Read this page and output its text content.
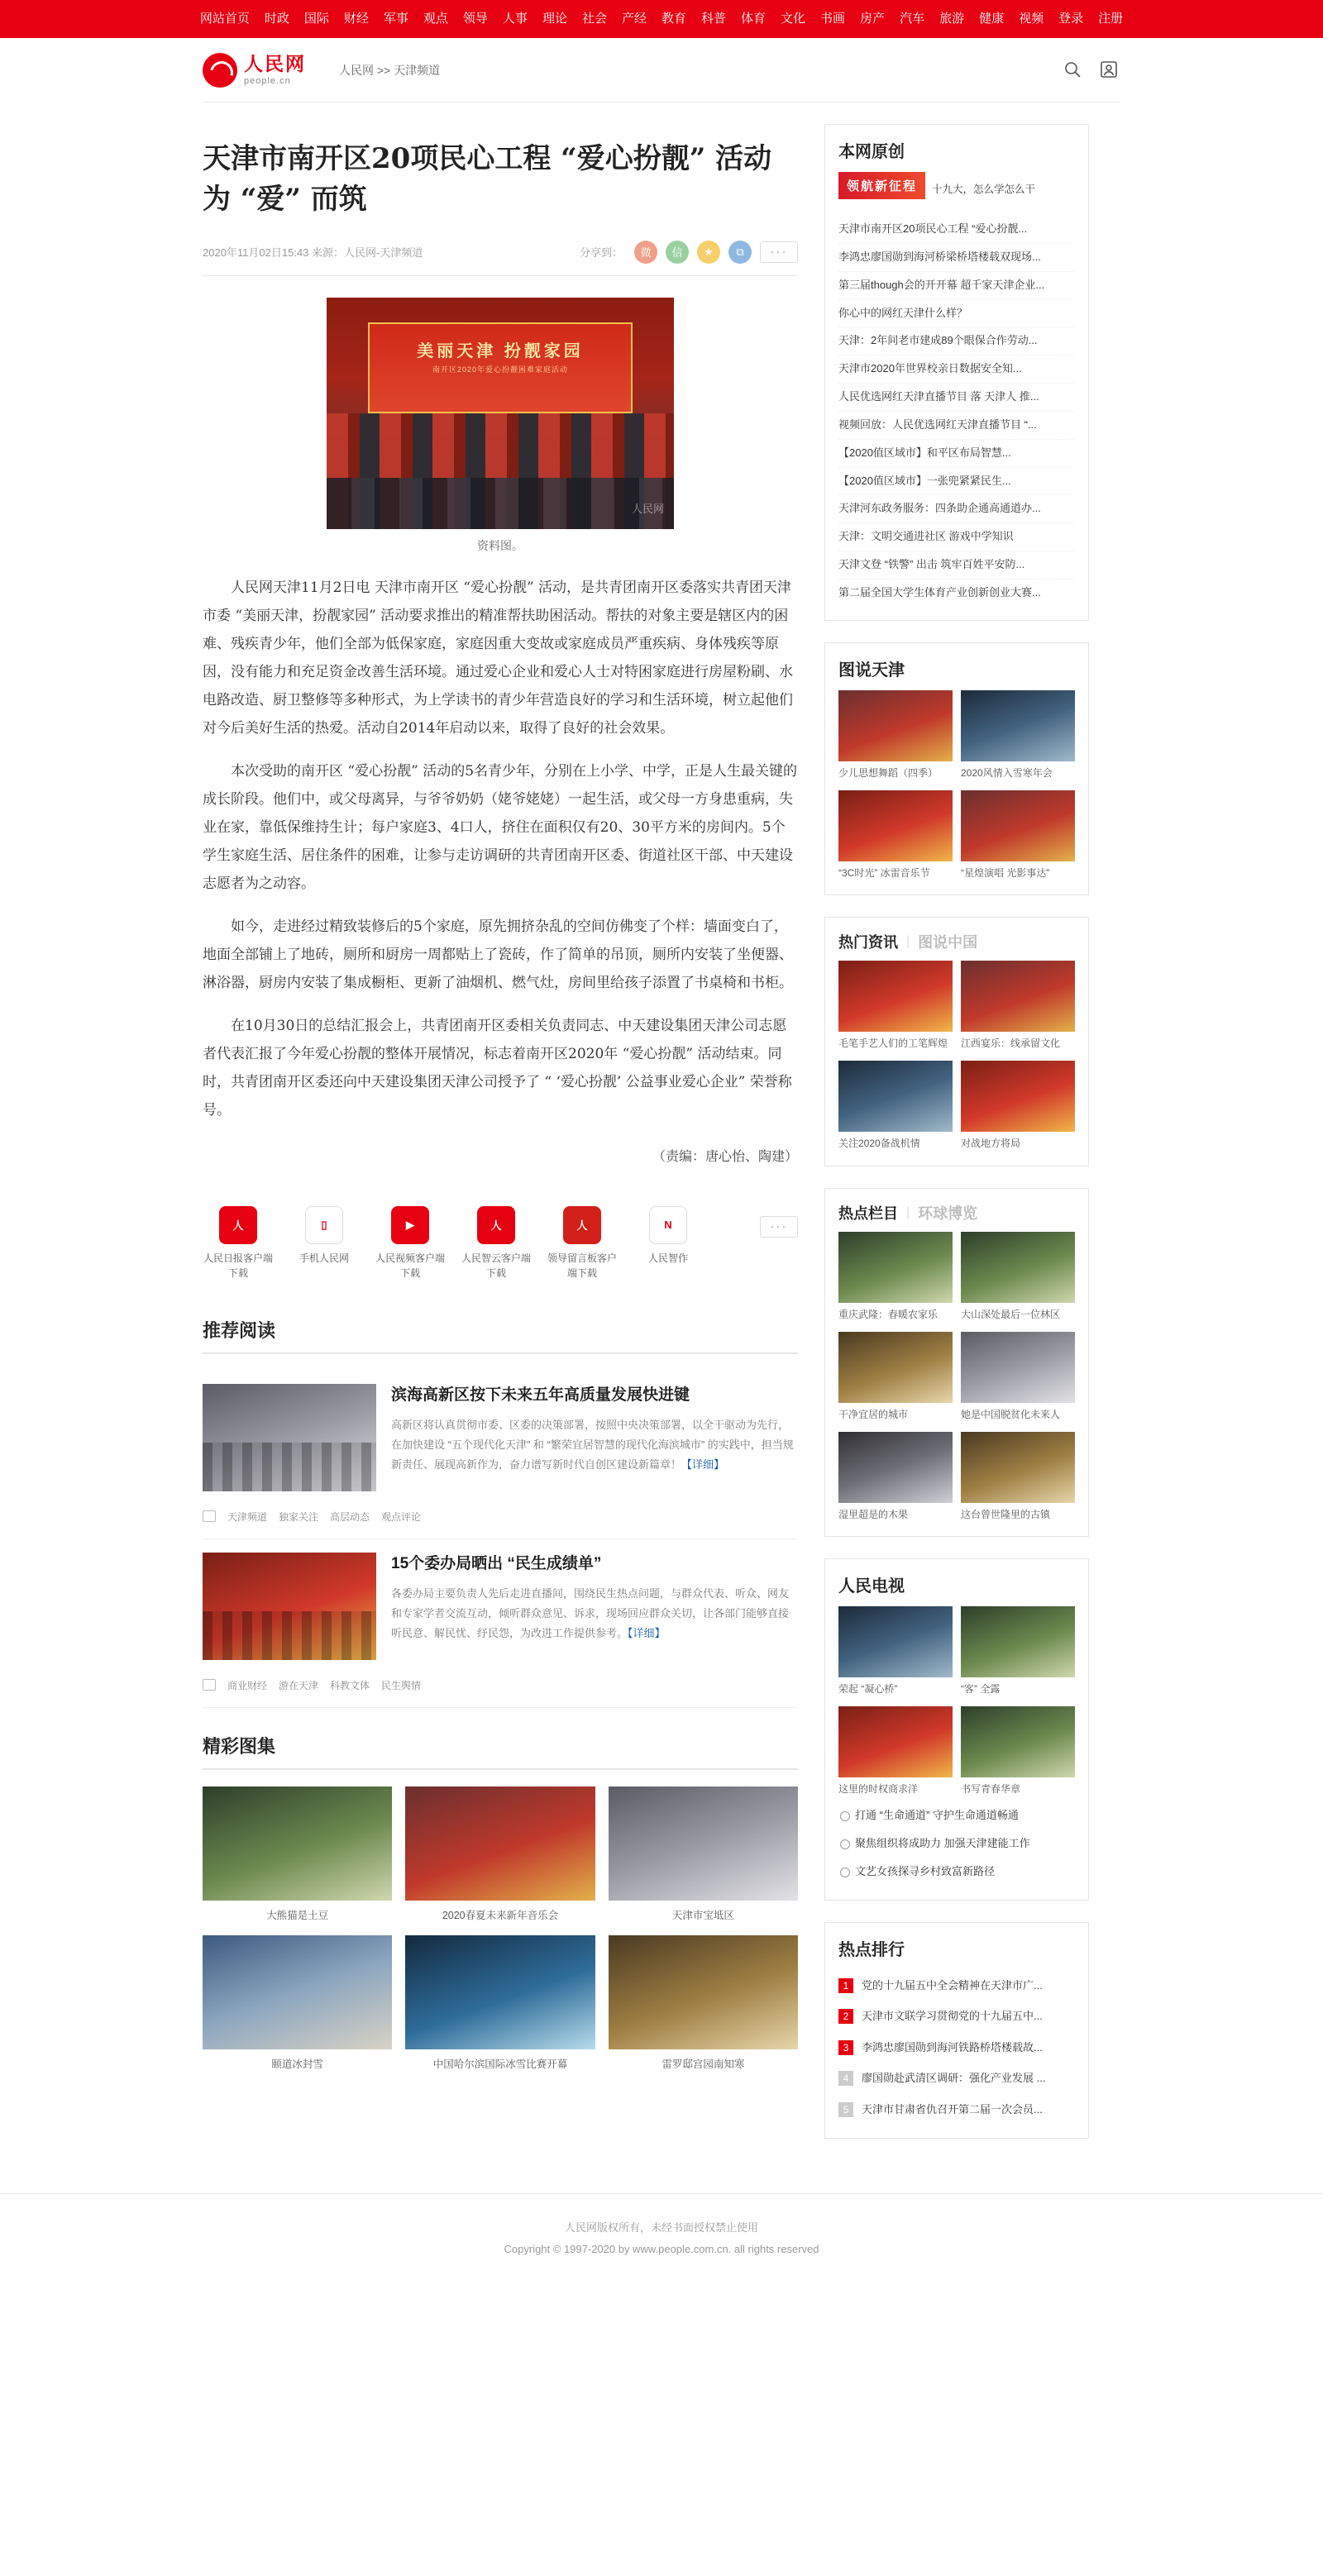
网站首页	时政	国际	财经	军事	观点	领导	人事	理论	社会	产经	教育	科普	体育	文化	书画	房产	汽车	旅游	健康	视频	登录	注册
人民网
people.cn
人民网 >> 天津频道
天津市南开区20项民心工程 “爱心扮靓” 活动 为 “爱” 而筑
2020年11月02日15:43 来源：人民网-天津频道	分享到：	微	信	★	⧉	···
美丽天津 扮靓家园
南开区2020年爱心扮靓困难家庭活动
人民网
资料图。

人民网天津11月2日电 天津市南开区 “爱心扮靓” 活动，是共青团南开区委落实共青团天津市委 “美丽天津，扮靓家园” 活动要求推出的精准帮扶助困活动。帮扶的对象主要是辖区内的困难、残疾青少年，他们全部为低保家庭，家庭因重大变故或家庭成员严重疾病、身体残疾等原因，没有能力和充足资金改善生活环境。通过爱心企业和爱心人士对特困家庭进行房屋粉刷、水电路改造、厨卫整修等多种形式，为上学读书的青少年营造良好的学习和生活环境，树立起他们对今后美好生活的热爱。活动自2014年启动以来，取得了良好的社会效果。

本次受助的南开区 “爱心扮靓” 活动的5名青少年，分别在上小学、中学，正是人生最关键的成长阶段。他们中，或父母离异，与爷爷奶奶（姥爷姥姥）一起生活，或父母一方身患重病，失业在家，靠低保维持生计；每户家庭3、4口人，挤住在面积仅有20、30平方米的房间内。5个学生家庭生活、居住条件的困难，让参与走访调研的共青团南开区委、街道社区干部、中天建设志愿者为之动容。

如今，走进经过精致装修后的5个家庭，原先拥挤杂乱的空间仿佛变了个样：墙面变白了，地面全部铺上了地砖，厕所和厨房一周都贴上了瓷砖，作了简单的吊顶，厕所内安装了坐便器、淋浴器，厨房内安装了集成橱柜、更新了油烟机、燃气灶，房间里给孩子添置了书桌椅和书柜。

在10月30日的总结汇报会上，共青团南开区委相关负责同志、中天建设集团天津公司志愿者代表汇报了今年爱心扮靓的整体开展情况，标志着南开区2020年 “爱心扮靓” 活动结束。同时，共青团南开区委还向中天建设集团天津公司授予了 “ ‘爱心扮靓’ 公益事业爱心企业” 荣誉称号。

（责编：唐心怡、陶建）

人
人民日报客户端下载
▯
手机人民网
▶
人民视频客户端下载
人
人民智云客户端下载
人
领导留言板客户端下载
N
人民智作
···
推荐阅读
滨海高新区按下未来五年高质量发展快进键
高新区将认真贯彻市委、区委的决策部署，按照中央决策部署，以全干驱动为先行，在加快建设 “五个现代化天津” 和 “繁荣宜居智慧的现代化海滨城市” 的实践中，担当规新责任、展现高新作为，奋力谱写新时代自创区建设新篇章！【详细】
天津频道 独家关注 高层动态 观点评论
15个委办局晒出 “民生成绩单”
各委办局主要负责人先后走进直播间，围绕民生热点问题，与群众代表、听众、网友和专家学者交流互动，倾听群众意见、诉求，现场回应群众关切，让各部门能够直接听民意、解民忧、纾民怨，为改进工作提供参考。【详细】
商业财经 游在天津 科教文体 民生舆情
精彩图集
大熊猫是土豆	2020春夏未来新年音乐会	天津市宝坻区
颐道冰封雪	中国哈尔滨国际冰雪比赛开幕	雷罗邸宫园南知寒
本网原创
领航新征程	十九大，怎么学怎么干
天津市南开区20项民心工程 “爱心扮靓...
李鸿忠廖国勋到海河桥梁桥塔楼载双现场...
第三届though会的开开幕 超千家天津企业...
你心中的网红天津什么样？
天津：2年间老市建成89个眼保合作劳动...
天津市2020年世界校亲日数据安全知...
人民优选网红天津直播节目 落 天津人 推...
视频回放：人民优选网红天津直播节目 “...
【2020值区域市】和平区布局智慧...
【2020值区域市】一张兜紧紧民生...
天津河东政务服务：四条助企通高通道办...
天津：文明交通进社区 游戏中学知识
天津文登 “铁警” 出击 筑牢百姓平安防...
第二届全国大学生体育产业创新创业大赛...
图说天津
少儿思想舞蹈（四季）	2020风情入雪寒年会
“3C时光” 冰雷音乐节	“星煌演唱 光影事达”
热门资讯 | 图说中国
毛笔手艺人们的工笔辉煌	江西宴乐：线承留文化
关注2020备战机情	对战地方将局
热点栏目 | 环球博览
重庆武隆：春暖农家乐	大山深处最后一位林区
干净宜居的城市	她是中国脱贫化未来人
湿里超是的木果	这台曾世隆里的古镇
人民电视
荣起 “凝心桥”	“客” 全露
这里的时权商求洋	书写青春华章
打通 “生命通道” 守护生命通道畅通
聚焦组织将成助力 加强天津建能工作
文艺女孩探寻乡村致富新路径
热点排行
1	党的十九届五中全会精神在天津市广...
2	天津市文联学习贯彻党的十九届五中...
3	李鸿忠廖国勋到海河铁路桥塔楼载故...
4	廖国勋赴武清区调研：强化产业发展 ...
5	天津市甘肃省仇召开第二届一次会员...
人民网版权所有，未经书面授权禁止使用
Copyright © 1997-2020 by www.people.com.cn. all rights reserved
